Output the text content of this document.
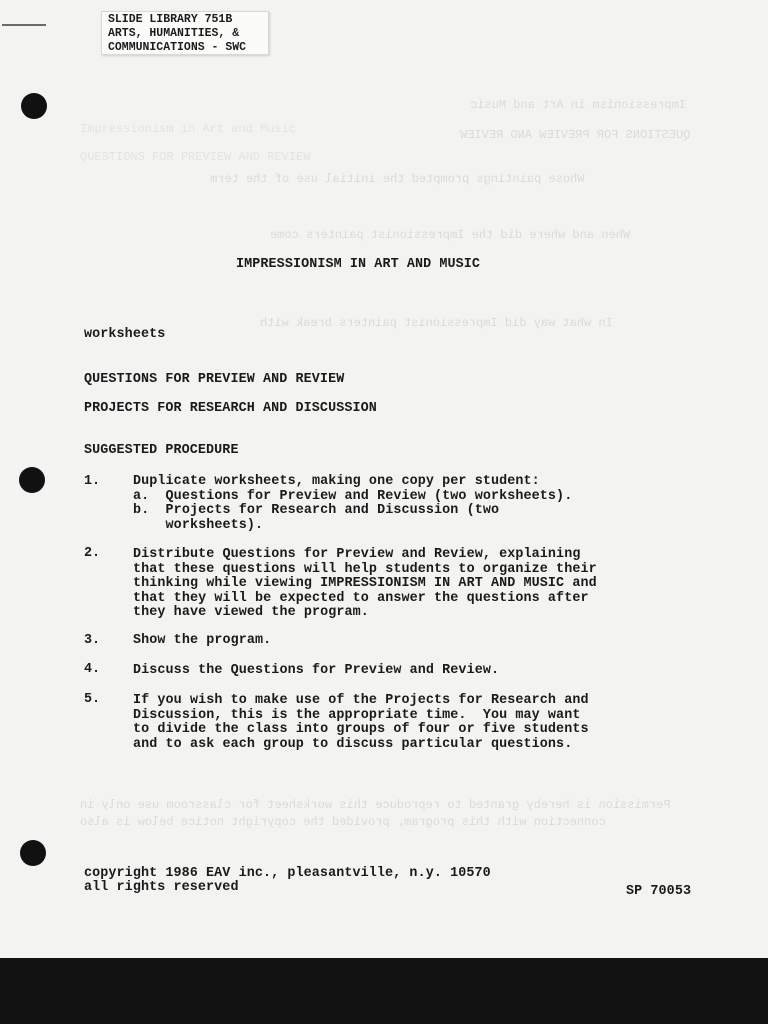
Impressionism in Art and Music
QUESTIONS FOR PREVIEW AND REVIEW
Impressionism in Art and Music
QUESTIONS FOR PREVIEW AND REVIEW
Whose paintings prompted the initial use of the term
When and where did the Impressionist painters come
In what way did Impressionist painters break with
Permission is hereby granted to reproduce this worksheet for classroom use only in
connection with this program, provided the copyright notice below is also
SLIDE LIBRARY 751B
ARTS, HUMANITIES, &
COMMUNICATIONS - SWC
IMPRESSIONISM IN ART AND MUSIC
worksheets
QUESTIONS FOR PREVIEW AND REVIEW
PROJECTS FOR RESEARCH AND DISCUSSION
SUGGESTED PROCEDURE
1. Duplicate worksheets, making one copy per student:
a.  Questions for Preview and Review (two worksheets).
b.  Projects for Research and Discussion (two
worksheets).
2. Distribute Questions for Preview and Review, explaining
that these questions will help students to organize their
thinking while viewing IMPRESSIONISM IN ART AND MUSIC and
that they will be expected to answer the questions after
they have viewed the program.
3. Show the program.
4. Discuss the Questions for Preview and Review.
5. If you wish to make use of the Projects for Research and
Discussion, this is the appropriate time.  You may want
to divide the class into groups of four or five students
and to ask each group to discuss particular questions.
copyright 1986 EAV inc., pleasantville, n.y. 10570
all rights reserved	SP 70053
